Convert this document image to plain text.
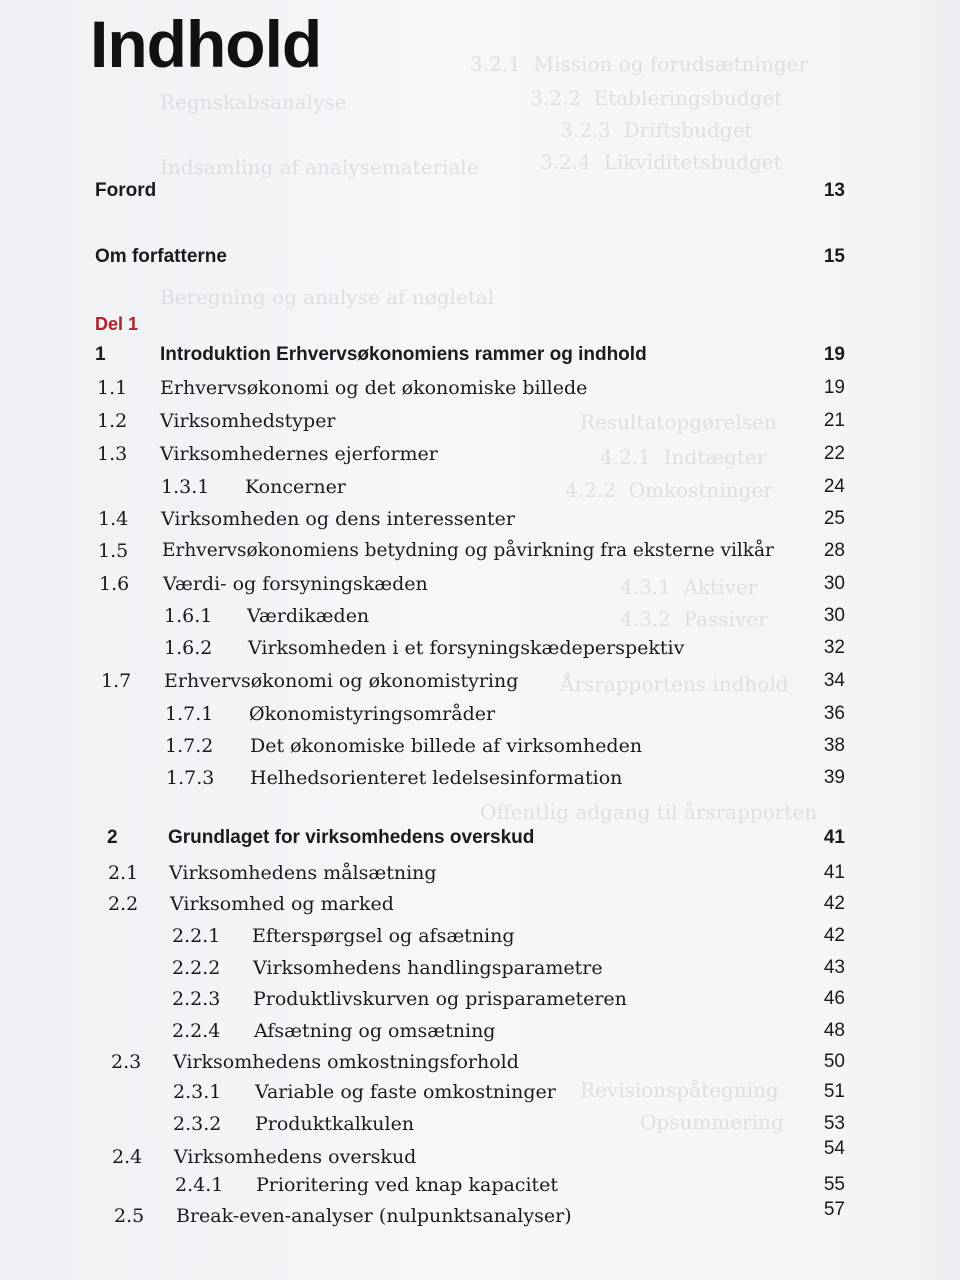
3.2.1  Mission og forudsætninger
3.2.2  Etableringsbudget
3.2.3  Driftsbudget
3.2.4  Likviditetsbudget
Regnskabsanalyse
Indsamling af analysemateriale
Beregning og analyse af nøgletal
Resultatopgørelsen
4.2.1  Indtægter
4.2.2  Omkostninger
4.3.1  Aktiver
4.3.2  Passiver
Årsrapportens indhold
Offentlig adgang til årsrapporten
Revisionspåtegning
Opsummering
Indhold
Forord	13
Om forfatterne	15
Del 1
1	Introduktion Erhvervsøkonomiens rammer og indhold	19
1.1 Erhvervsøkonomi og det økonomiske billede	19
1.2 Virksomhedstyper	21
1.3 Virksomhedernes ejerformer	22
1.3.1 Koncerner	24
1.4 Virksomheden og dens interessenter	25
1.5 Erhvervsøkonomiens betydning og påvirkning fra eksterne vilkår	28
1.6 Værdi- og forsyningskæden	30
1.6.1 Værdikæden	30
1.6.2 Virksomheden i et forsyningskædeperspektiv	32
1.7 Erhvervsøkonomi og økonomistyring	34
1.7.1 Økonomistyringsområder	36
1.7.2 Det økonomiske billede af virksomheden	38
1.7.3 Helhedsorienteret ledelsesinformation	39
2	Grundlaget for virksomhedens overskud	41
2.1 Virksomhedens målsætning	41
2.2 Virksomhed og marked	42
2.2.1 Efterspørgsel og afsætning	42
2.2.2 Virksomhedens handlingsparametre	43
2.2.3 Produktlivskurven og prisparameteren	46
2.2.4 Afsætning og omsætning	48
2.3 Virksomhedens omkostningsforhold	50
2.3.1 Variable og faste omkostninger	51
2.3.2 Produktkalkulen	53
2.4 Virksomhedens overskud	54
2.4.1 Prioritering ved knap kapacitet	55
2.5 Break-even-analyser (nulpunktsanalyser)	57
